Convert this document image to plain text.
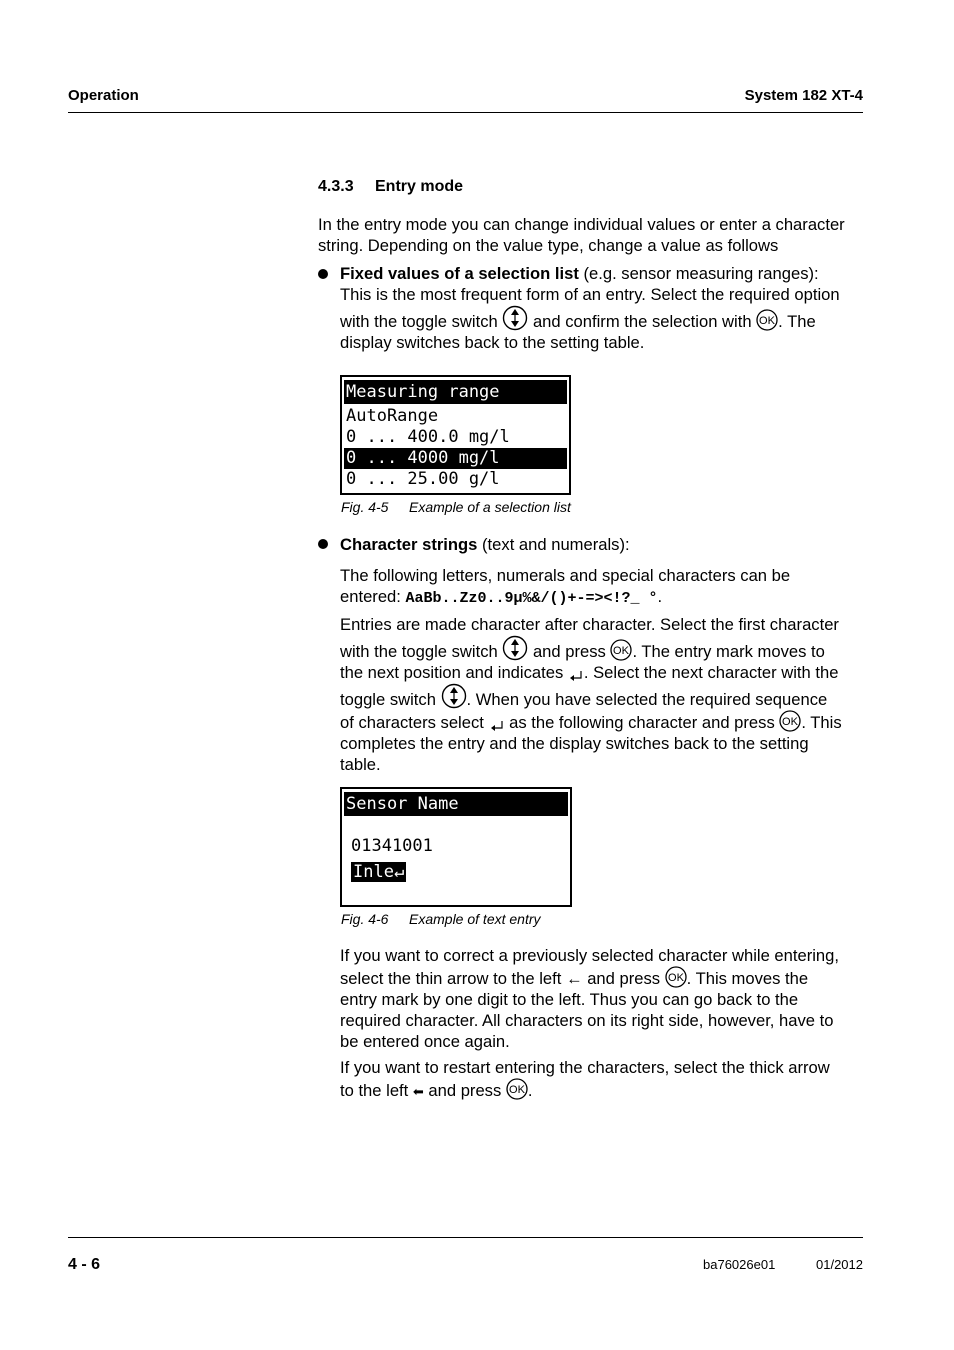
Operation	System 182 XT-4
4.3.3 Entry mode
In the entry mode you can change individual values or enter a character
string. Depending on the value type, change a value as follows
Fixed values of a selection list (e.g. sensor measuring ranges):
This is the most frequent form of an entry. Select the required option
with the toggle switch
and confirm the selection with OK . The
display switches back to the setting table.
Measuring range
AutoRange
0 ... 400.0 mg/l
0 ... 4000 mg/l
0 ... 25.00 g/l
Fig. 4-5 Example of a selection list
Character strings (text and numerals):
The following letters, numerals and special characters can be
entered: AaBb..Zz0..9µ%&/()+-=><!?_ °.
Entries are made character after character. Select the first character
with the toggle switch
and press OK . The entry mark moves to
the next position and indicates
. Select the next character with the
toggle switch
. When you have selected the required sequence
of characters select
as the following character and press OK . This
completes the entry and the display switches back to the setting
table.
Sensor Name
01341001
Inle↵
Fig. 4-6 Example of text entry
If you want to correct a previously selected character while entering,
select the thin arrow to the left ← and press OK . This moves the
entry mark by one digit to the left. Thus you can go back to the
required character. All characters on its right side, however, have to
be entered once again.
If you want to restart entering the characters, select the thick arrow
to the left ⬅ and press OK .
4 - 6	ba76026e01	01/2012
